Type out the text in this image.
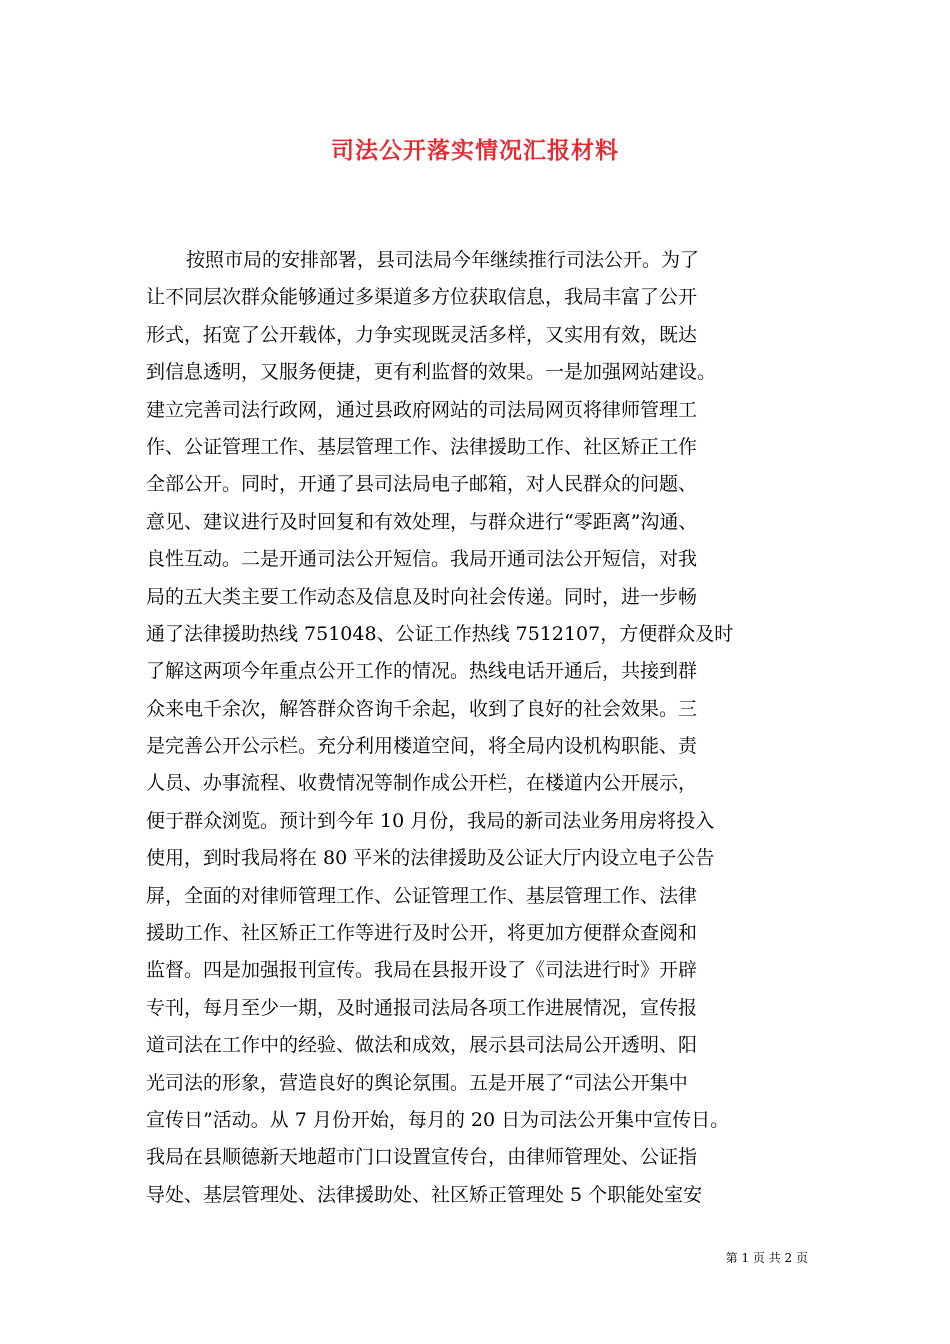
司法公开落实情况汇报材料
按照市局的安排部署，县司法局今年继续推行司法公开。为了
让不同层次群众能够通过多渠道多方位获取信息，我局丰富了公开
形式，拓宽了公开载体，力争实现既灵活多样，又实用有效，既达
到信息透明，又服务便捷，更有利监督的效果。一是加强网站建设。
建立完善司法行政网，通过县政府网站的司法局网页将律师管理工
作、公证管理工作、基层管理工作、法律援助工作、社区矫正工作
全部公开。同时，开通了县司法局电子邮箱，对人民群众的问题、
意见、建议进行及时回复和有效处理，与群众进行“零距离”沟通、
良性互动。二是开通司法公开短信。我局开通司法公开短信，对我
局的五大类主要工作动态及信息及时向社会传递。同时，进一步畅
通了法律援助热线 751048、公证工作热线 7512107，方便群众及时
了解这两项今年重点公开工作的情况。热线电话开通后，共接到群
众来电千余次，解答群众咨询千余起，收到了良好的社会效果。三
是完善公开公示栏。充分利用楼道空间，将全局内设机构职能、责
人员、办事流程、收费情况等制作成公开栏，在楼道内公开展示，
便于群众浏览。预计到今年 10 月份，我局的新司法业务用房将投入
使用，到时我局将在 80 平米的法律援助及公证大厅内设立电子公告
屏，全面的对律师管理工作、公证管理工作、基层管理工作、法律
援助工作、社区矫正工作等进行及时公开，将更加方便群众查阅和
监督。四是加强报刊宣传。我局在县报开设了《司法进行时》开辟
专刊，每月至少一期，及时通报司法局各项工作进展情况，宣传报
道司法在工作中的经验、做法和成效，展示县司法局公开透明、阳
光司法的形象，营造良好的舆论氛围。五是开展了“司法公开集中
宣传日”活动。从 7 月份开始，每月的 20 日为司法公开集中宣传日。
我局在县顺德新天地超市门口设置宣传台，由律师管理处、公证指
导处、基层管理处、法律援助处、社区矫正管理处 5 个职能处室安
第 1 页 共 2 页
